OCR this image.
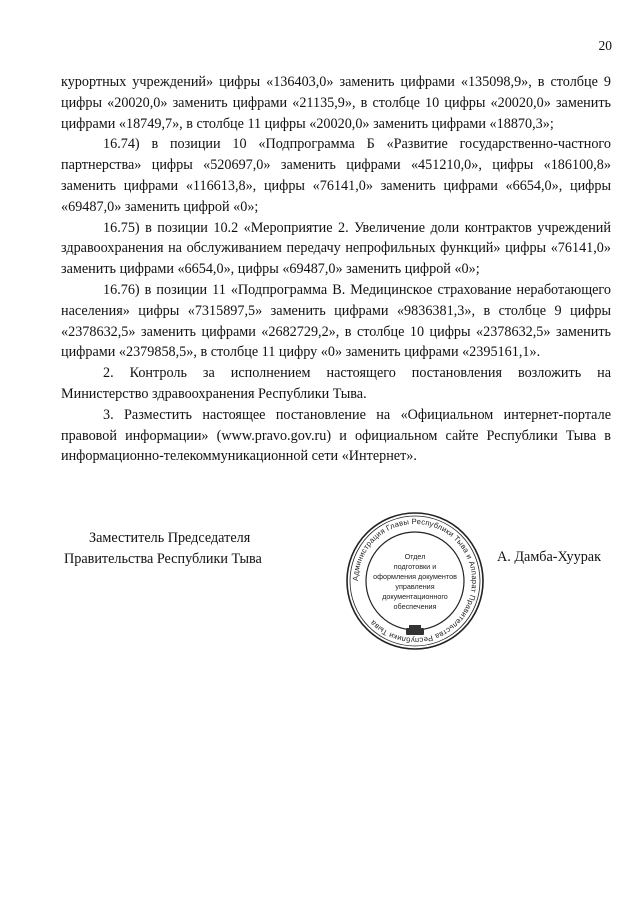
20

курортных учреждений» цифры «136403,0» заменить цифрами «135098,9», в столбце 9 цифры «20020,0» заменить цифрами «21135,9», в столбце 10 цифры «20020,0» заменить цифрами «18749,7», в столбце 11 цифры «20020,0» заменить цифрами «18870,3»;

16.74) в позиции 10 «Подпрограмма Б «Развитие государственно-частного партнерства» цифры «520697,0» заменить цифрами «451210,0», цифры «186100,8» заменить цифрами «116613,8», цифры «76141,0» заменить цифрами «6654,0», цифры «69487,0» заменить цифрой «0»;

16.75) в позиции 10.2 «Мероприятие 2. Увеличение доли контрактов учреждений здравоохранения на обслуживанием передачу непрофильных функций» цифры «76141,0» заменить цифрами «6654,0», цифры «69487,0» заменить цифрой «0»;

16.76) в позиции 11 «Подпрограмма В. Медицинское страхование неработающего населения» цифры «7315897,5» заменить цифрами «9836381,3», в столбце 9 цифры «2378632,5» заменить цифрами «2682729,2», в столбце 10 цифры «2378632,5» заменить цифрами «2379858,5», в столбце 11 цифру «0» заменить цифрами «2395161,1».

2. Контроль за исполнением настоящего постановления возложить на Министерство здравоохранения Республики Тыва.

3. Разместить настоящее постановление на «Официальном интернет-портале правовой информации» (www.pravo.gov.ru) и официальном сайте Республики Тыва в информационно-телекоммуникационной сети «Интернет».

Заместитель Председателя
Правительства Республики Тыва
Администрация Главы Республики Тыва и Аппарат Правительства Республики Тыва
Отдел
подготовки и
оформления документов
управления
документационного
обеспечения
А. Дамба-Хуурак
